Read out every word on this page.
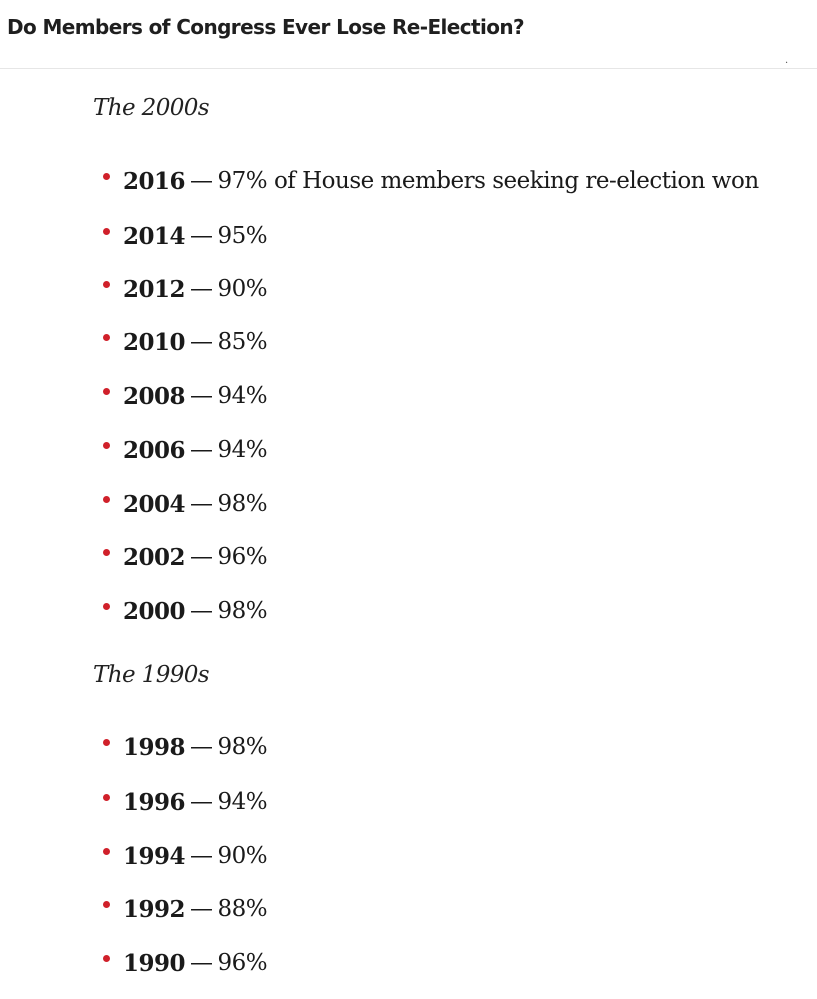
Do Members of Congress Ever Lose Re-Election?
·
The 2000s
2016 — 97% of House members seeking re-election won
2014 — 95%
2012 — 90%
2010 — 85%
2008 — 94%
2006 — 94%
2004 — 98%
2002 — 96%
2000 — 98%
The 1990s
1998 — 98%
1996 — 94%
1994 — 90%
1992 — 88%
1990 — 96%
